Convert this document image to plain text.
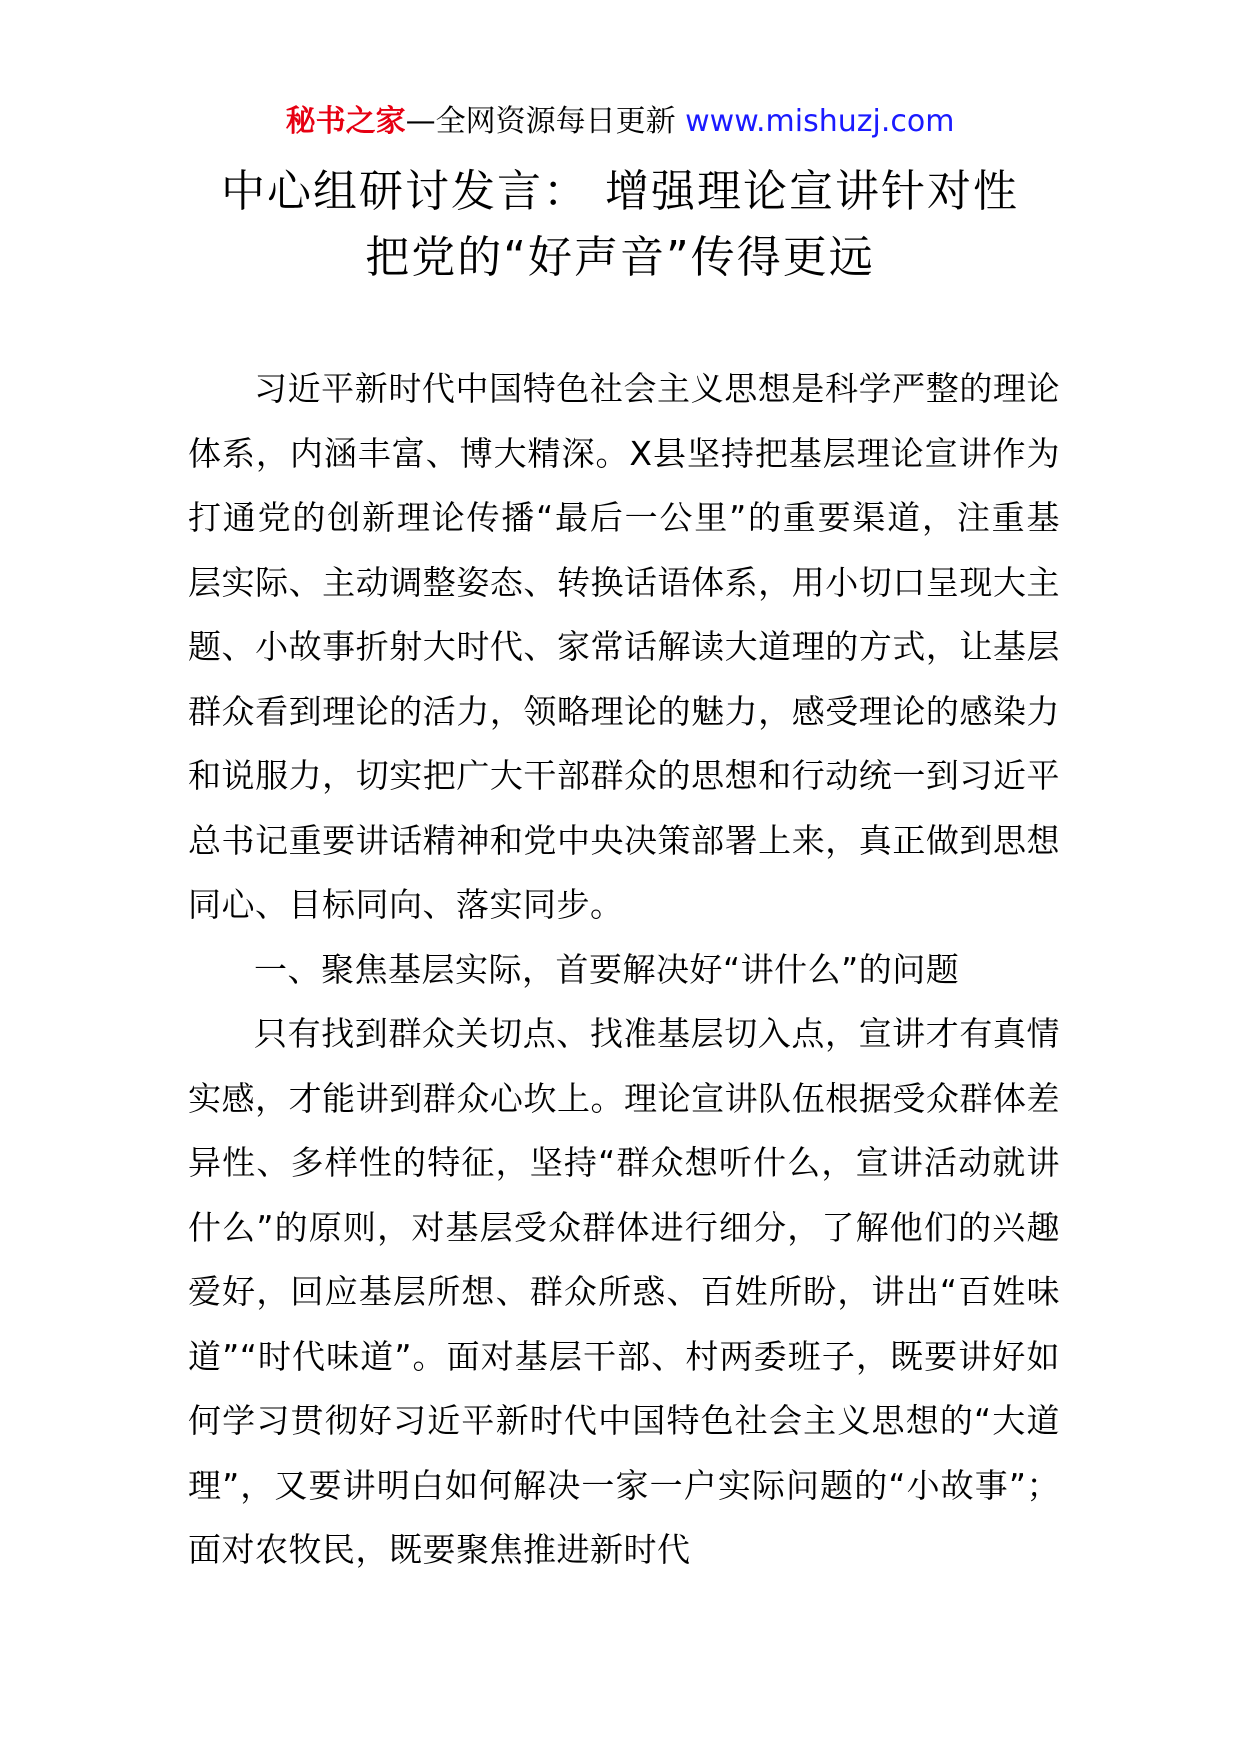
秘书之家—全网资源每日更新 www.mishuzj.com
中心组研讨发言： 增强理论宣讲针对性
把党的“好声音”传得更远

习近平新时代中国特色社会主义思想是科学严整的理论体系，内涵丰富、博大精深。X县坚持把基层理论宣讲作为打通党的创新理论传播“最后一公里”的重要渠道，注重基层实际、主动调整姿态、转换话语体系，用小切口呈现大主题、小故事折射大时代、家常话解读大道理的方式，让基层群众看到理论的活力，领略理论的魅力，感受理论的感染力和说服力，切实把广大干部群众的思想和行动统一到习近平总书记重要讲话精神和党中央决策部署上来，真正做到思想同心、目标同向、落实同步。

一、聚焦基层实际，首要解决好“讲什么”的问题

只有找到群众关切点、找准基层切入点，宣讲才有真情实感，才能讲到群众心坎上。理论宣讲队伍根据受众群体差异性、多样性的特征，坚持“群众想听什么，宣讲活动就讲什么”的原则，对基层受众群体进行细分，了解他们的兴趣爱好，回应基层所想、群众所惑、百姓所盼，讲出“百姓味道”“时代味道”。面对基层干部、村两委班子，既要讲好如何学习贯彻好习近平新时代中国特色社会主义思想的“大道理”，又要讲明白如何解决一家一户实际问题的“小故事”；面对农牧民，既要聚焦推进新时代
